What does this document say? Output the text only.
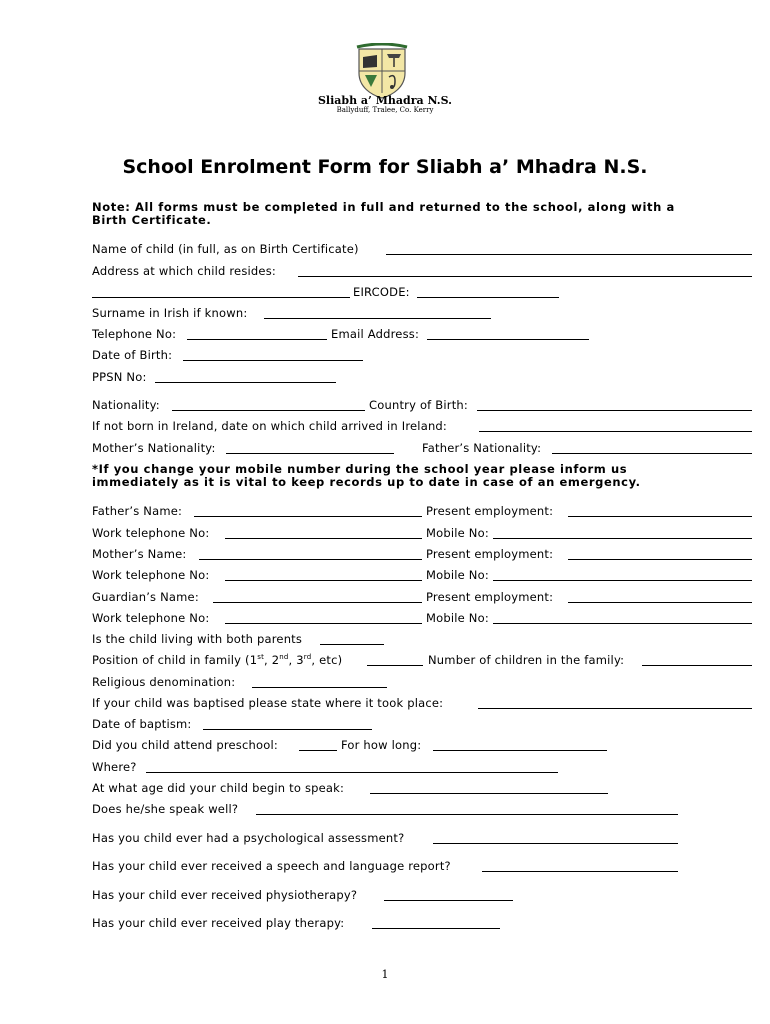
Sliabh a’ Mhadra N.S.
Ballyduff, Tralee, Co. Kerry
School Enrolment Form for Sliabh a’ Mhadra N.S.
Note: All forms must be completed in full and returned to the school, along with a Birth Certificate.
Name of child (in full, as on Birth Certificate)
Address at which child resides:
EIRCODE:
Surname in Irish if known:
Telephone No:	Email Address:
Date of Birth:
PPSN No:
Nationality:	Country of Birth:
If not born in Ireland, date on which child arrived in Ireland:
Mother’s Nationality:	Father’s Nationality:
*If you change your mobile number during the school year please inform us immediately as it is vital to keep records up to date in case of an emergency.
Father’s Name:	Present employment:
Work telephone No:	Mobile No:
Mother’s Name:	Present employment:
Work telephone No:	Mobile No:
Guardian’s Name:	Present employment:
Work telephone No:	Mobile No:
Is the child living with both parents
Position of child in family (1st, 2nd, 3rd, etc)	Number of children in the family:
Religious denomination:
If your child was baptised please state where it took place:
Date of baptism:
Did you child attend preschool:	For how long:
Where?
At what age did your child begin to speak:
Does he/she speak well?
Has you child ever had a psychological assessment?
Has your child ever received a speech and language report?
Has your child ever received physiotherapy?
Has your child ever received play therapy:
1
